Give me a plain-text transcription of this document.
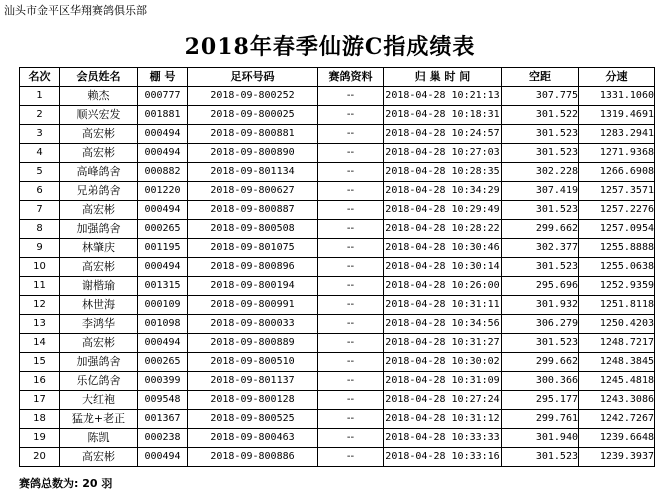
汕头市金平区华翔赛鸽俱乐部
2018年春季仙游C指成绩表
名次	会员姓名	棚 号	足环号码	赛鸽资料	归 巢 时 间	空距	分速
1	赖杰	000777	2018-09-800252	--	2018-04-28 10:21:13	307.775	1331.1060
2	顺兴宏发	001881	2018-09-800025	--	2018-04-28 10:18:31	301.522	1319.4691
3	高宏彬	000494	2018-09-800881	--	2018-04-28 10:24:57	301.523	1283.2941
4	高宏彬	000494	2018-09-800890	--	2018-04-28 10:27:03	301.523	1271.9368
5	高峰鸽舍	000882	2018-09-801134	--	2018-04-28 10:28:35	302.228	1266.6908
6	兄弟鸽舍	001220	2018-09-800627	--	2018-04-28 10:34:29	307.419	1257.3571
7	高宏彬	000494	2018-09-800887	--	2018-04-28 10:29:49	301.523	1257.2276
8	加强鸽舍	000265	2018-09-800508	--	2018-04-28 10:28:22	299.662	1257.0954
9	林肇庆	001195	2018-09-801075	--	2018-04-28 10:30:46	302.377	1255.8888
10	高宏彬	000494	2018-09-800896	--	2018-04-28 10:30:14	301.523	1255.0638
11	谢楷瑜	001315	2018-09-800194	--	2018-04-28 10:26:00	295.696	1252.9359
12	林世海	000109	2018-09-800991	--	2018-04-28 10:31:11	301.932	1251.8118
13	李鸿华	001098	2018-09-800033	--	2018-04-28 10:34:56	306.279	1250.4203
14	高宏彬	000494	2018-09-800889	--	2018-04-28 10:31:27	301.523	1248.7217
15	加强鸽舍	000265	2018-09-800510	--	2018-04-28 10:30:02	299.662	1248.3845
16	乐亿鸽舍	000399	2018-09-801137	--	2018-04-28 10:31:09	300.366	1245.4818
17	大红袍	009548	2018-09-800128	--	2018-04-28 10:27:24	295.177	1243.3086
18	猛龙+老正	001367	2018-09-800525	--	2018-04-28 10:31:12	299.761	1242.7267
19	陈凯	000238	2018-09-800463	--	2018-04-28 10:33:33	301.940	1239.6648
20	高宏彬	000494	2018-09-800886	--	2018-04-28 10:33:16	301.523	1239.3937
赛鸽总数为: 20 羽
